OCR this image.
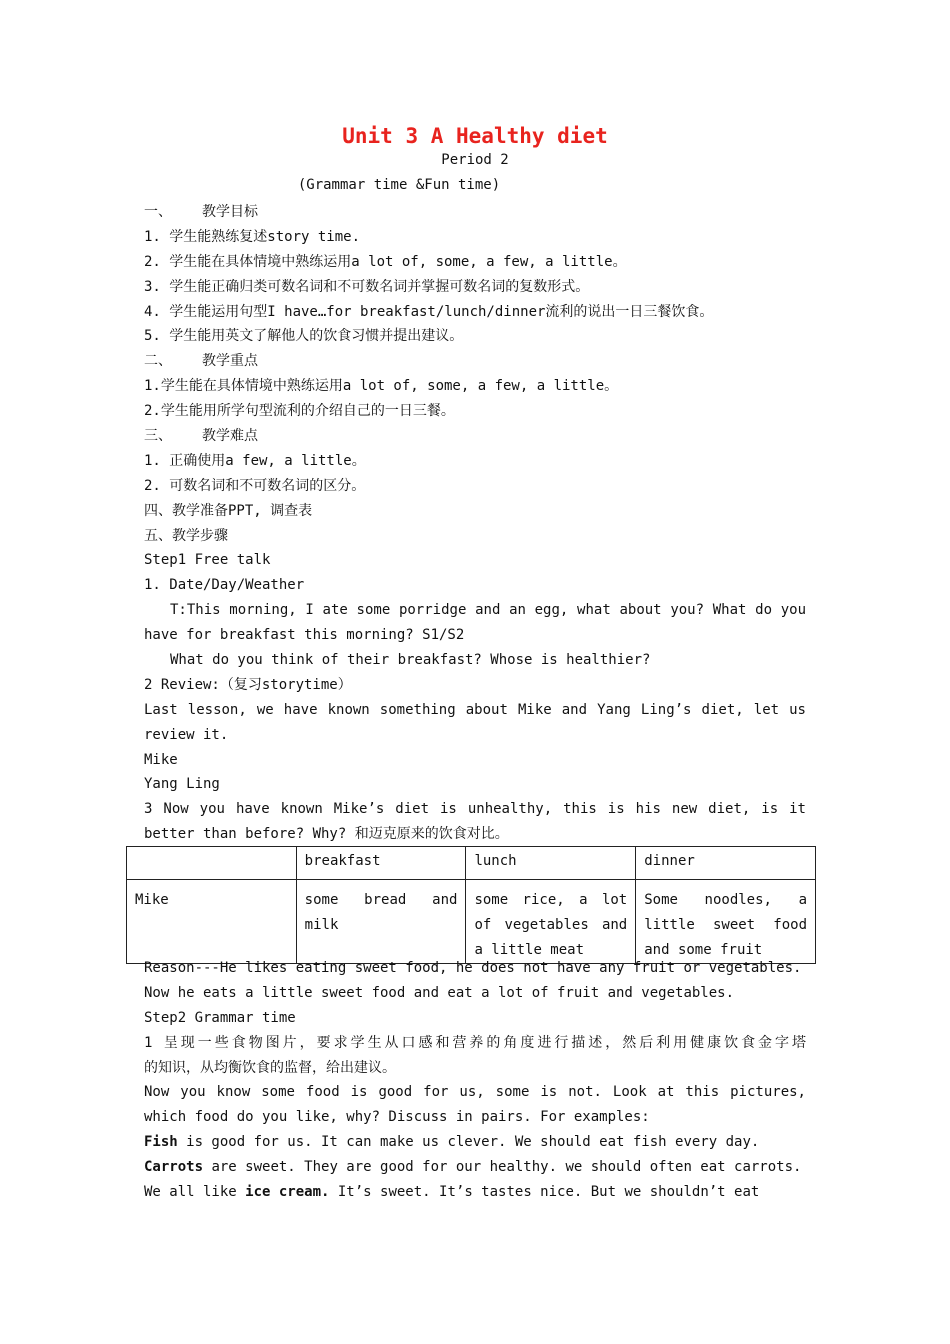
Unit 3 A Healthy diet
Period 2
(Grammar time &Fun time)
一、 教学目标
1. 学生能熟练复述story time.
2. 学生能在具体情境中熟练运用a lot of, some, a few, a little。
3. 学生能正确归类可数名词和不可数名词并掌握可数名词的复数形式。
4. 学生能运用句型I have…for breakfast/lunch/dinner流利的说出一日三餐饮食。
5. 学生能用英文了解他人的饮食习惯并提出建议。
二、 教学重点
1.学生能在具体情境中熟练运用a lot of, some, a few, a little。
2.学生能用所学句型流利的介绍自己的一日三餐。
三、 教学难点
1. 正确使用a few, a little。
2. 可数名词和不可数名词的区分。
四、教学准备PPT, 调查表
五、教学步骤
Step1 Free talk
1. Date/Day/Weather
T:This morning, I ate some porridge and an egg, what about you? What do you
have for breakfast this morning? S1/S2
What do you think of their breakfast? Whose is healthier?
2 Review:（复习storytime）
Last lesson, we have known something about Mike and Yang Ling’s diet, let us
review it.
Mike
Yang Ling
3 Now you have known Mike’s diet is unhealthy, this is his new diet, is it
better than before? Why? 和迈克原来的饮食对比。
	breakfast	lunch	dinner
Mike	some bread and milk	some rice, a lot of vegetables and a little meat	Some noodles, a little sweet food and some fruit
Reason---He likes eating sweet food, he does not have any fruit or vegetables.
Now he eats a little sweet food and eat a lot of fruit and vegetables.
Step2 Grammar time
1 呈现一些食物图片，要求学生从口感和营养的角度进行描述，然后利用健康饮食金字塔
的知识，从均衡饮食的监督，给出建议。
Now you know some food is good for us, some is not. Look at this pictures,
which food do you like, why? Discuss in pairs. For examples:
Fish is good for us. It can make us clever. We should eat fish every day.
Carrots are sweet. They are good for our healthy. we should often eat carrots.
We all like ice cream. It’s sweet. It’s tastes nice. But we shouldn’t eat
